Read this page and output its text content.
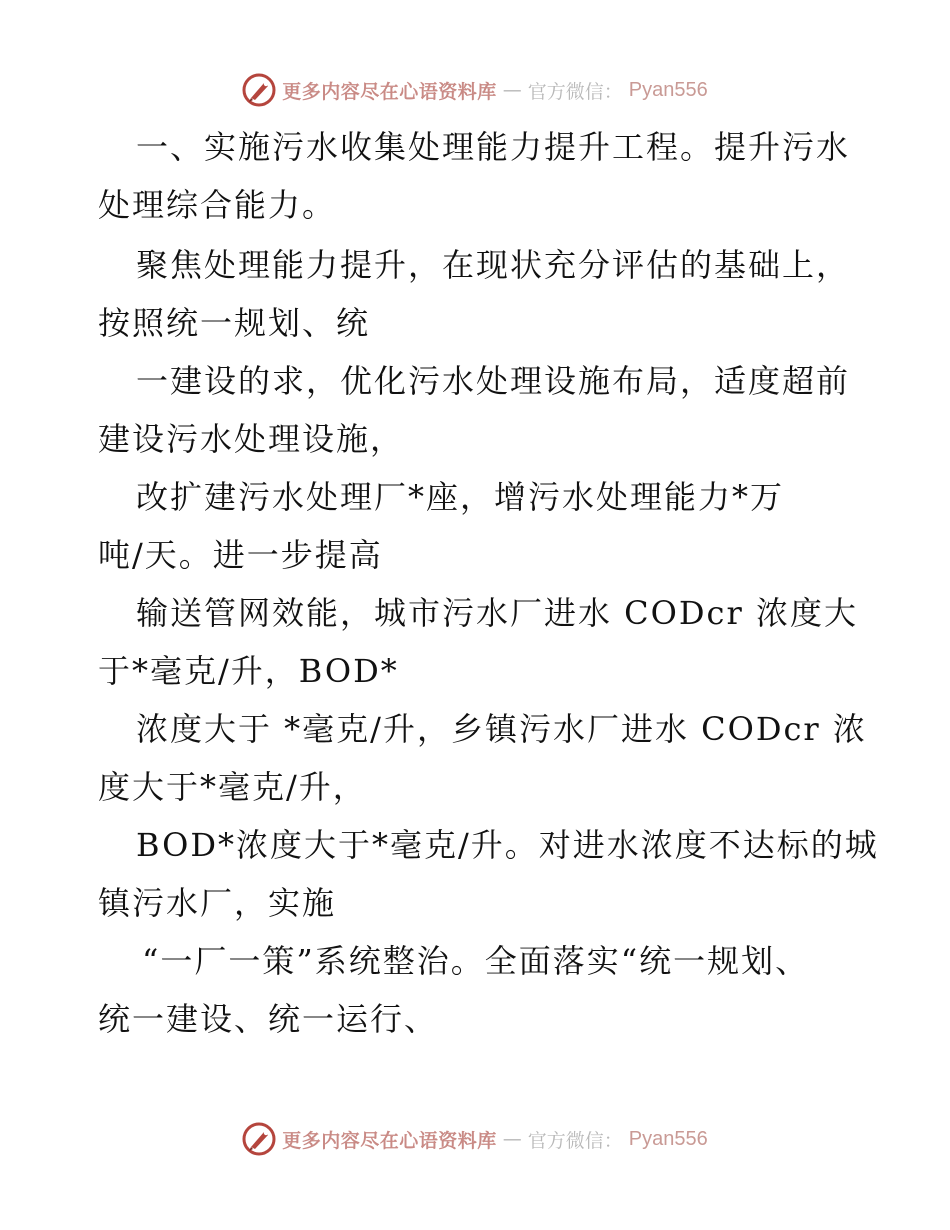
更多内容尽在心语资料库 — 官方微信： Pyan556
一、实施污水收集处理能力提升工程。提升污水
处理综合能力。
聚焦处理能力提升，在现状充分评估的基础上，
按照统一规划、统
一建设的求，优化污水处理设施布局，适度超前
建设污水处理设施，
改扩建污水处理厂*座，增污水处理能力*万
吨/天。进一步提高
输送管网效能，城市污水厂进水 CODcr 浓度大
于*毫克/升，BOD*
浓度大于 *毫克/升，乡镇污水厂进水 CODcr 浓
度大于*毫克/升，
BOD*浓度大于*毫克/升。对进水浓度不达标的城
镇污水厂，实施
“一厂一策”系统整治。全面落实“统一规划、
统一建设、统一运行、
更多内容尽在心语资料库 — 官方微信： Pyan556
